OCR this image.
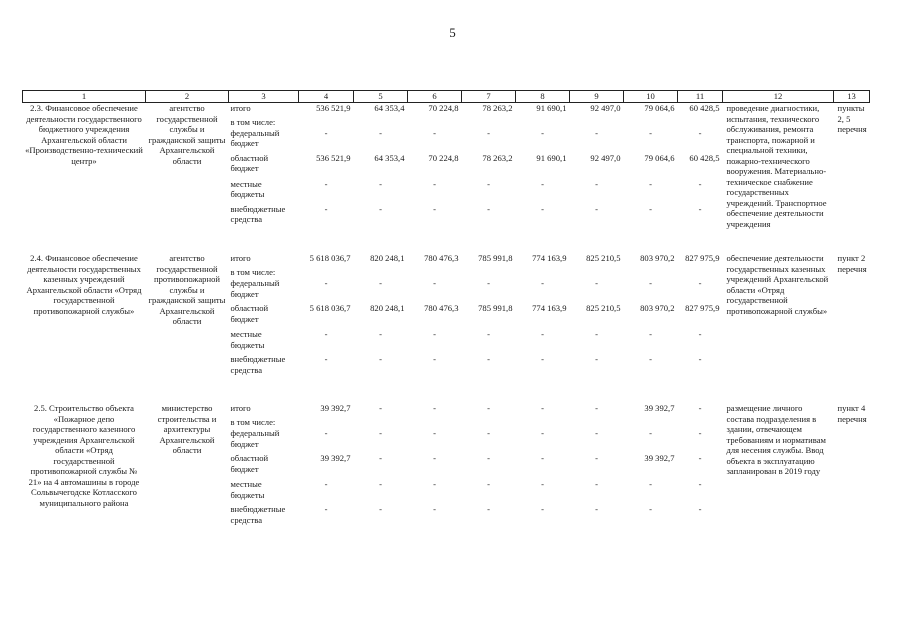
5
1	2	3	4	5	6	7	8	9	10	11	12	13
2.3. Финансовое обеспечение деятельности государственного бюджетного учреждения Архангельской области «Производственно-технический центр»	агентство государственной службы и гражданской защиты Архангельской области	итого	536 521,9	64 353,4	70 224,8	78 263,2	91 690,1	92 497,0	79 064,6	60 428,5	проведение диагностики, испытания, технического обслуживания, ремонта транспорта, пожарной и специальной техники, пожарно-технического вооружения. Материально-техническое снабжение государственных учреждений. Транспортное обеспечение деятельности учреждения	пункты 2, 5 перечня
		в том числе:										
		федеральный бюджет	-	-	-	-	-	-	-	-		
		областной бюджет	536 521,9	64 353,4	70 224,8	78 263,2	91 690,1	92 497,0	79 064,6	60 428,5		
		местные бюджеты	-	-	-	-	-	-	-	-		
		внебюджетные средства	-	-	-	-	-	-	-	-		

2.4. Финансовое обеспечение деятельности государственных казенных учреждений Архангельской области «Отряд государственной противопожарной службы»	агентство государственной противопожарной службы и гражданской защиты Архангельской области	итого	5 618 036,7	820 248,1	780 476,3	785 991,8	774 163,9	825 210,5	803 970,2	827 975,9	обеспечение деятельности государственных казенных учреждений Архангельской области «Отряд государственной противопожарной службы»	пункт 2 перечня
		в том числе:										
		федеральный бюджет	-	-	-	-	-	-	-	-		
		областной бюджет	5 618 036,7	820 248,1	780 476,3	785 991,8	774 163,9	825 210,5	803 970,2	827 975,9		
		местные бюджеты	-	-	-	-	-	-	-	-		
		внебюджетные средства	-	-	-	-	-	-	-	-		

2.5. Строительство объекта «Пожарное депо государственного казенного учреждения Архангельской области «Отряд государственной противопожарной службы № 21» на 4 автомашины в городе Сольвычегодске Котласского муниципального района	министерство строительства и архитектуры Архангельской области	итого	39 392,7	-	-	-	-	-	39 392,7	-	размещение личного состава подразделения в здании, отвечающем требованиям и нормативам для несения службы. Ввод объекта в эксплуатацию запланирован в 2019 году	пункт 4 перечня
		в том числе:										
		федеральный бюджет	-	-	-	-	-	-	-	-		
		областной бюджет	39 392,7	-	-	-	-	-	39 392,7	-		
		местные бюджеты	-	-	-	-	-	-	-	-		
		внебюджетные средства	-	-	-	-	-	-	-	-		
